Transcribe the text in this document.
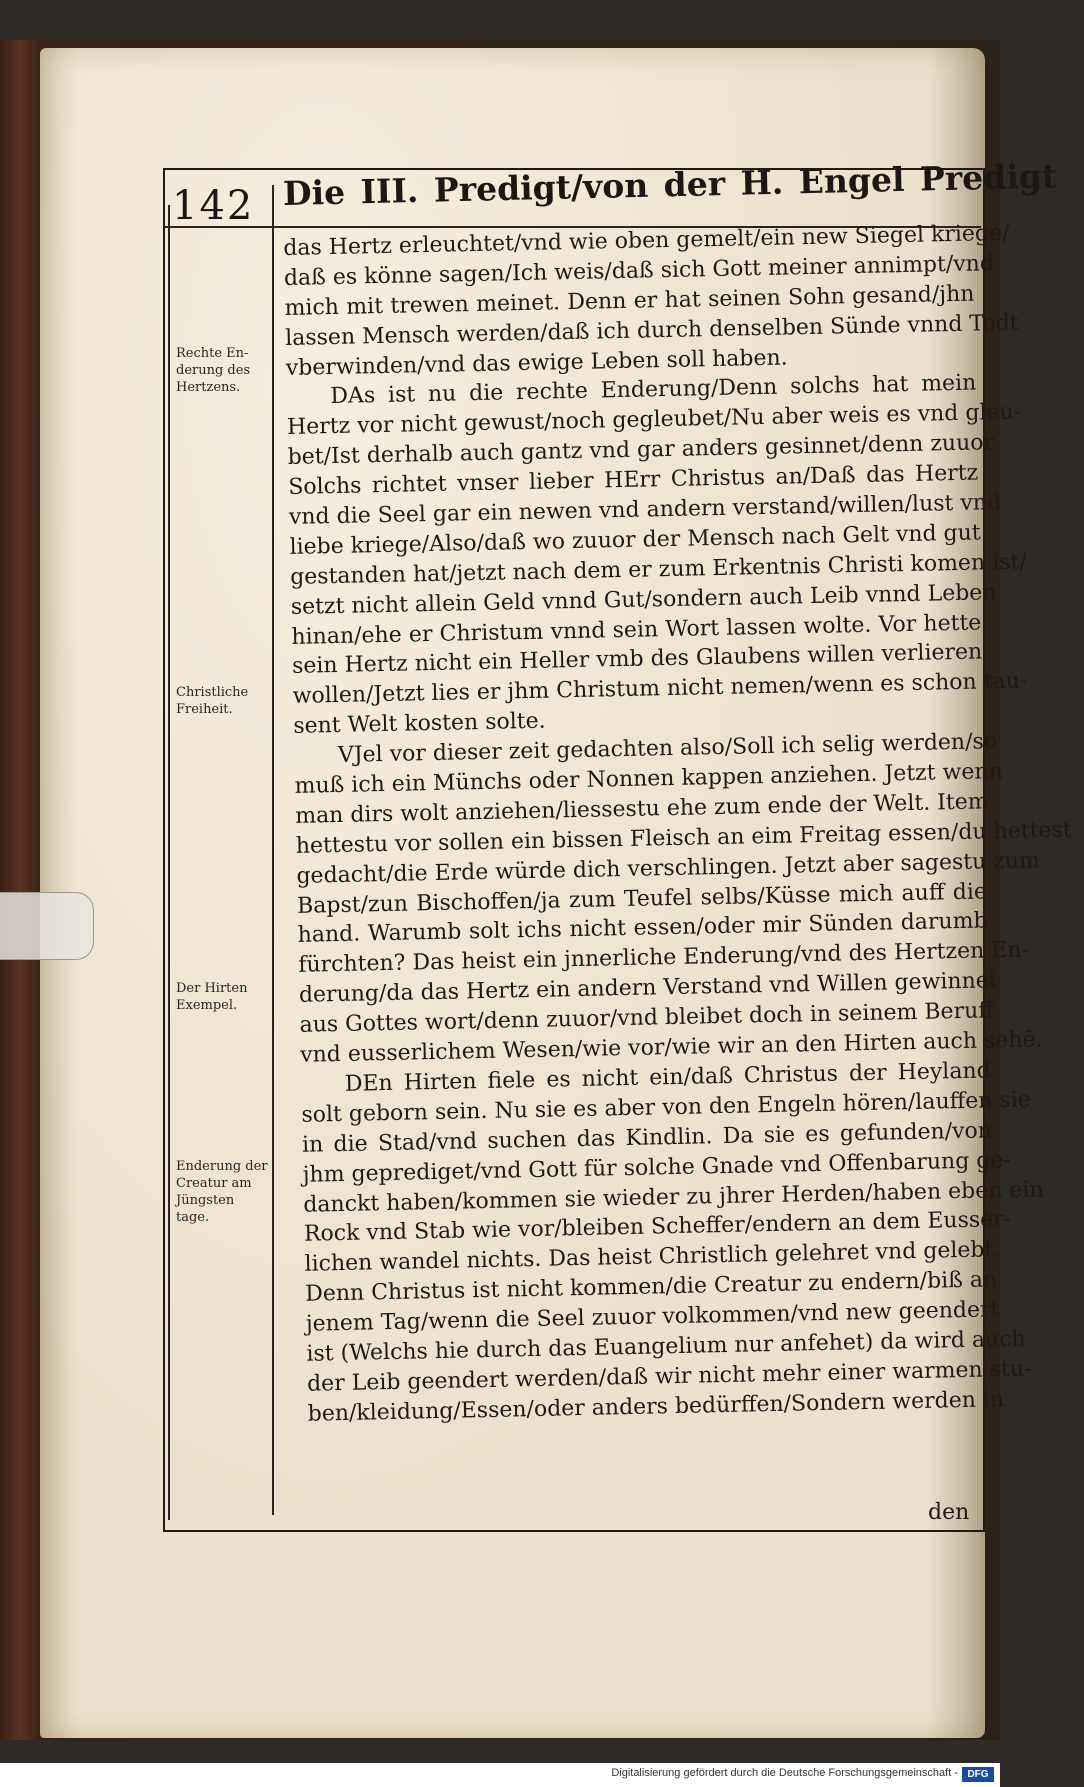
142 Die III. Predigt/von der H. Engel Predigt
Rechte En-derung des Hertzens.
Christliche Freiheit.
Der Hirten Exempel.
Enderung der Creatur am Jüngsten tage.
das Hertz erleuchtet/vnd wie oben gemelt/ein new Siegel kriege/
daß es könne sagen/Ich weis/daß sich Gott meiner annimpt/vnd
mich mit trewen meinet. Denn er hat seinen Sohn gesand/jhn
lassen Mensch werden/daß ich durch denselben Sünde vnnd Todt
vberwinden/vnd das ewige Leben soll haben.
DAs ist nu die rechte Enderung/Denn solchs hat mein
Hertz vor nicht gewust/noch gegleubet/Nu aber weis es vnd gleu-
bet/Ist derhalb auch gantz vnd gar anders gesinnet/denn zuuor.
Solchs richtet vnser lieber HErr Christus an/Daß das Hertz
vnd die Seel gar ein newen vnd andern verstand/willen/lust vnd
liebe kriege/Also/daß wo zuuor der Mensch nach Gelt vnd gut
gestanden hat/jetzt nach dem er zum Erkentnis Christi komen ist/
setzt nicht allein Geld vnnd Gut/sondern auch Leib vnnd Leben
hinan/ehe er Christum vnnd sein Wort lassen wolte. Vor hette
sein Hertz nicht ein Heller vmb des Glaubens willen verlieren
wollen/Jetzt lies er jhm Christum nicht nemen/wenn es schon tau-
sent Welt kosten solte.
VJel vor dieser zeit gedachten also/Soll ich selig werden/so
muß ich ein Münchs oder Nonnen kappen anziehen. Jetzt wenn
man dirs wolt anziehen/liessestu ehe zum ende der Welt. Item
hettestu vor sollen ein bissen Fleisch an eim Freitag essen/du hettest
gedacht/die Erde würde dich verschlingen. Jetzt aber sagestu zum
Bapst/zun Bischoffen/ja zum Teufel selbs/Küsse mich auff die
hand. Warumb solt ichs nicht essen/oder mir Sünden darumb
fürchten? Das heist ein jnnerliche Enderung/vnd des Hertzen En-
derung/da das Hertz ein andern Verstand vnd Willen gewinnet
aus Gottes wort/denn zuuor/vnd bleibet doch in seinem Beruff
vnd eusserlichem Wesen/wie vor/wie wir an den Hirten auch sehē.
DEn Hirten fiele es nicht ein/daß Christus der Heyland
solt geborn sein. Nu sie es aber von den Engeln hören/lauffen sie
in die Stad/vnd suchen das Kindlin. Da sie es gefunden/von
jhm geprediget/vnd Gott für solche Gnade vnd Offenbarung ge-
danckt haben/kommen sie wieder zu jhrer Herden/haben eben ein
Rock vnd Stab wie vor/bleiben Scheffer/endern an dem Eusser-
lichen wandel nichts. Das heist Christlich gelehret vnd gelebt.
Denn Christus ist nicht kommen/die Creatur zu endern/biß an
jenem Tag/wenn die Seel zuuor volkommen/vnd new geendert
ist (Welchs hie durch das Euangelium nur anfehet) da wird auch
der Leib geendert werden/daß wir nicht mehr einer warmen stu-
ben/kleidung/Essen/oder anders bedürffen/Sondern werden in
den
Digitalisierung gefördert durch die Deutsche Forschungsgemeinschaft - DFG
